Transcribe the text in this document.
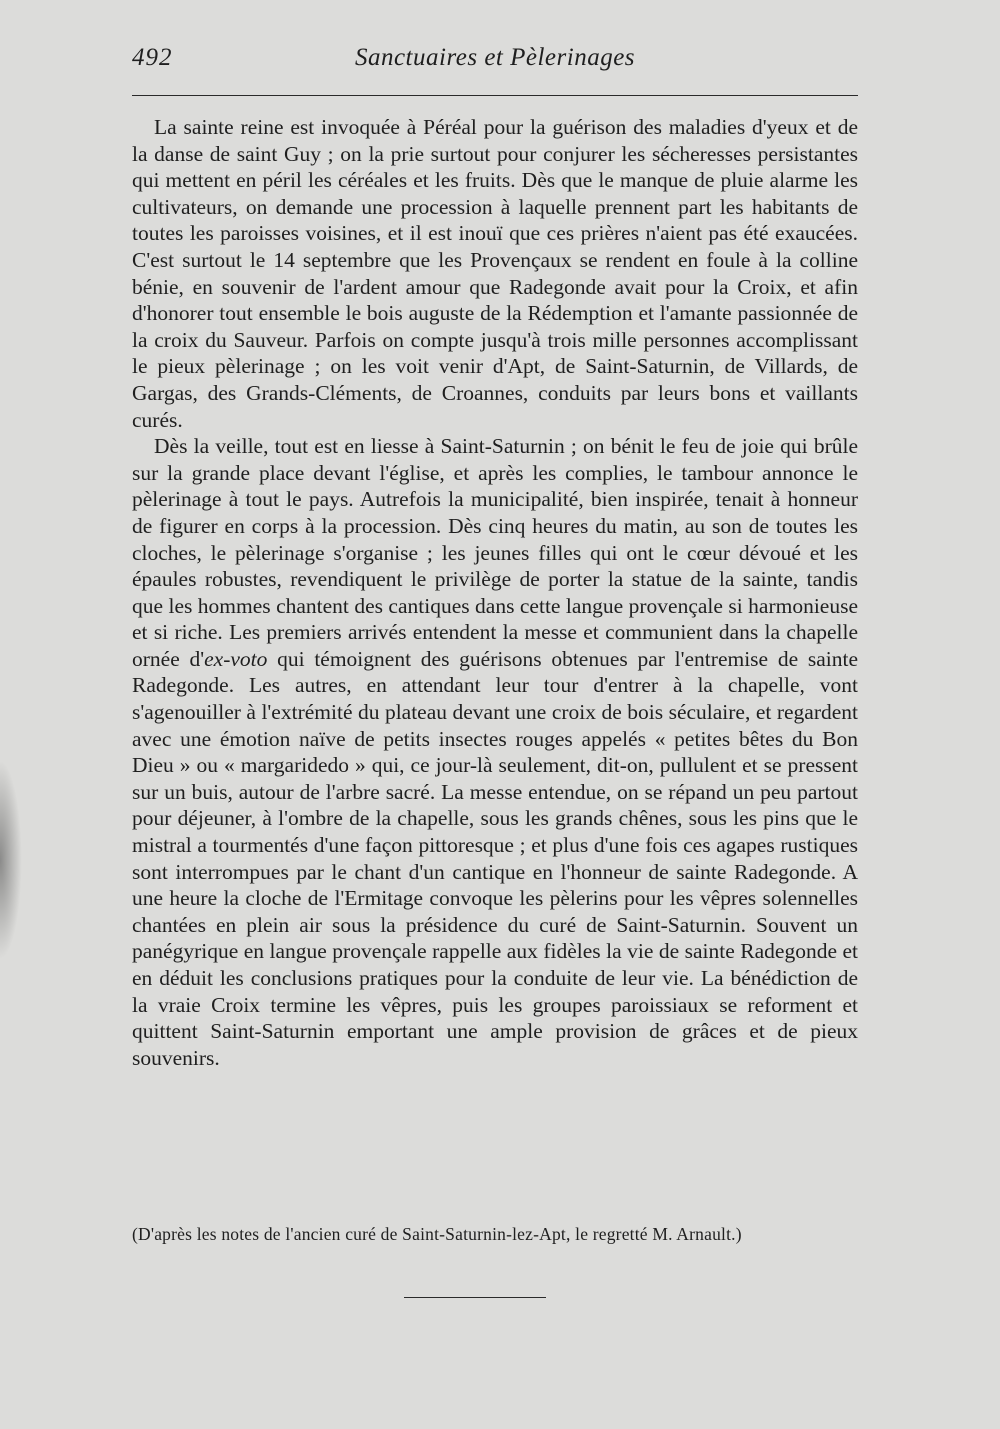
492	Sanctuaires et Pèlerinages

La sainte reine est invoquée à Péréal pour la guérison des maladies d'yeux et de la danse de saint Guy ; on la prie surtout pour conjurer les sécheresses persistantes qui mettent en péril les céréales et les fruits. Dès que le manque de pluie alarme les cultivateurs, on demande une procession à laquelle prennent part les habitants de toutes les paroisses voisines, et il est inouï que ces prières n'aient pas été exaucées. C'est surtout le 14 septembre que les Provençaux se rendent en foule à la colline bénie, en souvenir de l'ardent amour que Radegonde avait pour la Croix, et afin d'honorer tout ensemble le bois auguste de la Rédemption et l'amante passionnée de la croix du Sauveur. Parfois on compte jusqu'à trois mille personnes accomplissant le pieux pèlerinage ; on les voit venir d'Apt, de Saint-Saturnin, de Villards, de Gargas, des Grands-Cléments, de Croannes, conduits par leurs bons et vaillants curés.

Dès la veille, tout est en liesse à Saint-Saturnin ; on bénit le feu de joie qui brûle sur la grande place devant l'église, et après les complies, le tambour annonce le pèlerinage à tout le pays. Autrefois la municipalité, bien inspirée, tenait à honneur de figurer en corps à la procession. Dès cinq heures du matin, au son de toutes les cloches, le pèlerinage s'organise ; les jeunes filles qui ont le cœur dévoué et les épaules robustes, revendiquent le privilège de porter la statue de la sainte, tandis que les hommes chantent des cantiques dans cette langue provençale si harmonieuse et si riche. Les premiers arrivés entendent la messe et communient dans la chapelle ornée d'ex-voto qui témoignent des guérisons obtenues par l'entremise de sainte Radegonde. Les autres, en attendant leur tour d'entrer à la chapelle, vont s'agenouiller à l'extrémité du plateau devant une croix de bois séculaire, et regardent avec une émotion naïve de petits insectes rouges appelés « petites bêtes du Bon Dieu » ou « margaridedo » qui, ce jour-là seulement, dit-on, pullulent et se pressent sur un buis, autour de l'arbre sacré. La messe entendue, on se répand un peu partout pour déjeuner, à l'ombre de la chapelle, sous les grands chênes, sous les pins que le mistral a tourmentés d'une façon pittoresque ; et plus d'une fois ces agapes rustiques sont interrompues par le chant d'un cantique en l'honneur de sainte Radegonde. A une heure la cloche de l'Ermitage convoque les pèlerins pour les vêpres solennelles chantées en plein air sous la présidence du curé de Saint-Saturnin. Souvent un panégyrique en langue provençale rappelle aux fidèles la vie de sainte Radegonde et en déduit les conclusions pratiques pour la conduite de leur vie. La bénédiction de la vraie Croix termine les vêpres, puis les groupes paroissiaux se reforment et quittent Saint-Saturnin emportant une ample provision de grâces et de pieux souvenirs.

(D'après les notes de l'ancien curé de Saint-Saturnin-lez-Apt, le regretté M. Arnault.)
